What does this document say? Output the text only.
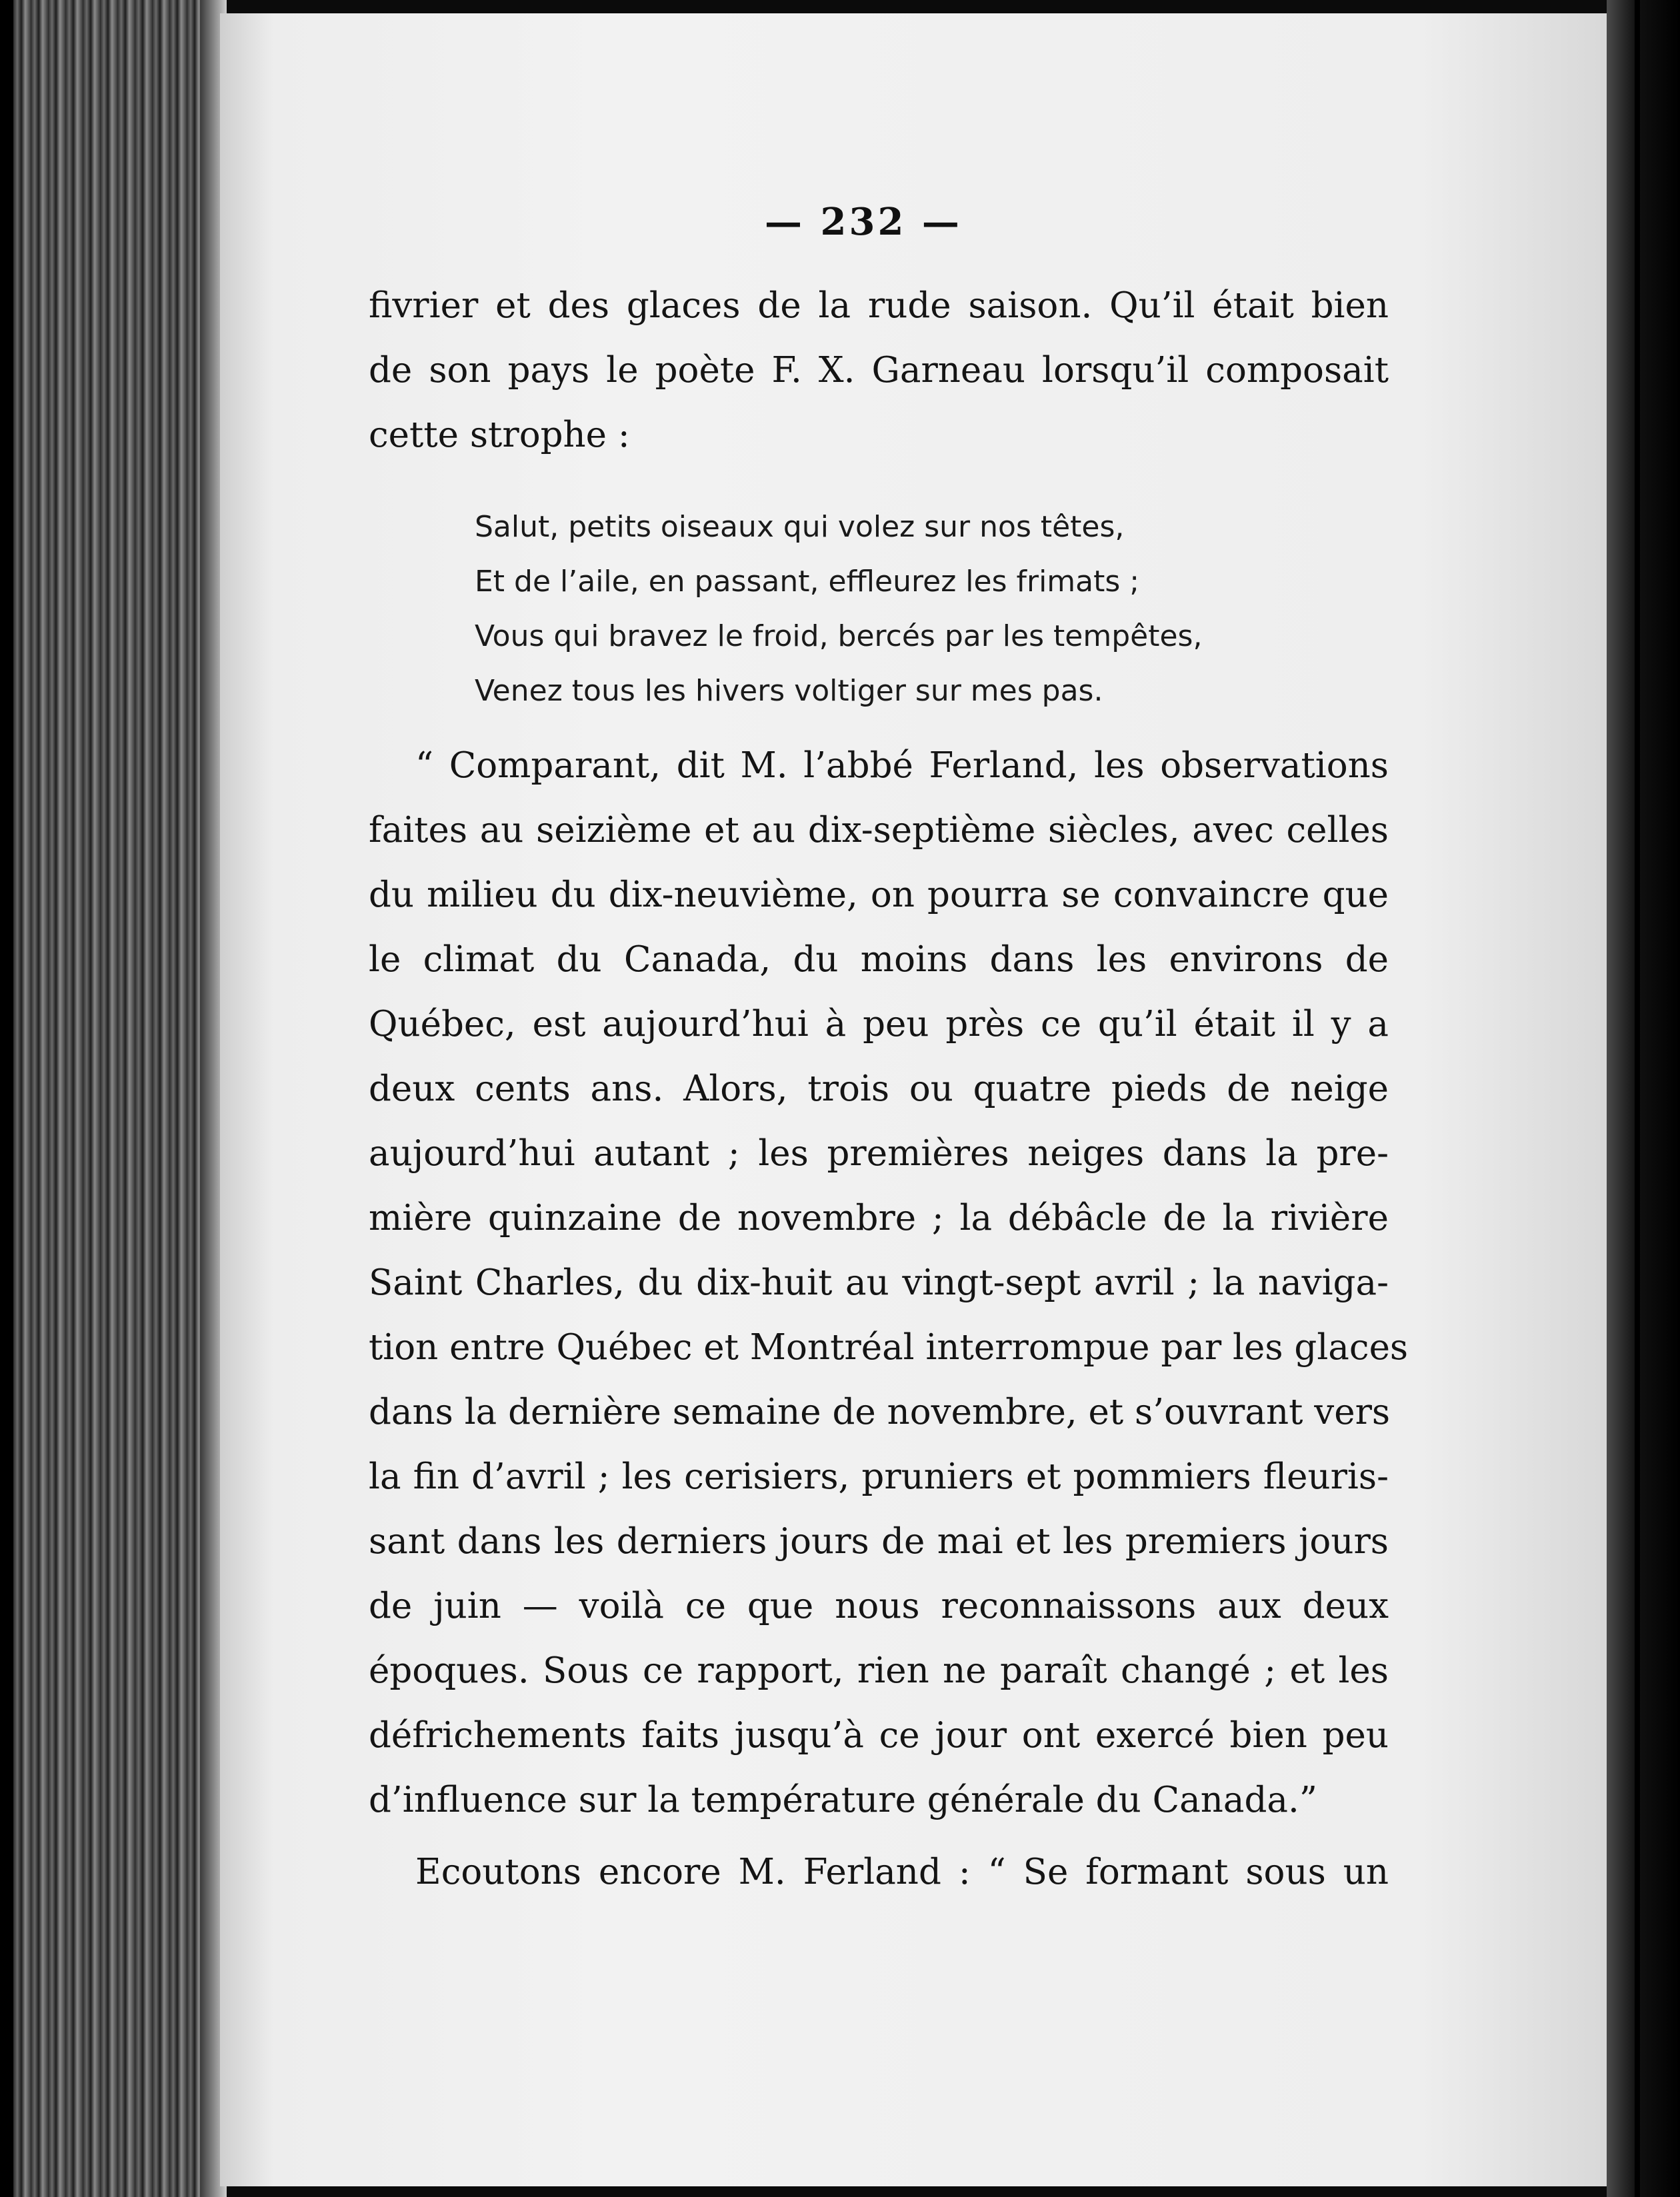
— 232 —
ﬁvrier et des glaces de la rude saison. Qu’il était bien
de son pays le poète F. X. Garneau lorsqu’il composait
cette strophe :
Salut, petits oiseaux qui volez sur nos têtes,
Et de l’aile, en passant, effleurez les frimats ;
Vous qui bravez le froid, bercés par les tempêtes,
Venez tous les hivers voltiger sur mes pas.
“ Comparant, dit M. l’abbé Ferland, les observations
faites au seizième et au dix-septième siècles, avec celles
du milieu du dix-neuvième, on pourra se convaincre que
le climat du Canada, du moins dans les environs de
Québec, est aujourd’hui à peu près ce qu’il était il y a
deux cents ans. Alors, trois ou quatre pieds de neige
aujourd’hui autant ; les premières neiges dans la pre-
mière quinzaine de novembre ; la débâcle de la rivière
Saint Charles, du dix-huit au vingt-sept avril ; la naviga-
tion entre Québec et Montréal interrompue par les glaces
dans la dernière semaine de novembre, et s’ouvrant vers
la fin d’avril ; les cerisiers, pruniers et pommiers fleuris-
sant dans les derniers jours de mai et les premiers jours
de juin — voilà ce que nous reconnaissons aux deux
époques. Sous ce rapport, rien ne paraît changé ; et les
défrichements faits jusqu’à ce jour ont exercé bien peu
d’influence sur la température générale du Canada.”
Ecoutons encore M. Ferland : “ Se formant sous un
